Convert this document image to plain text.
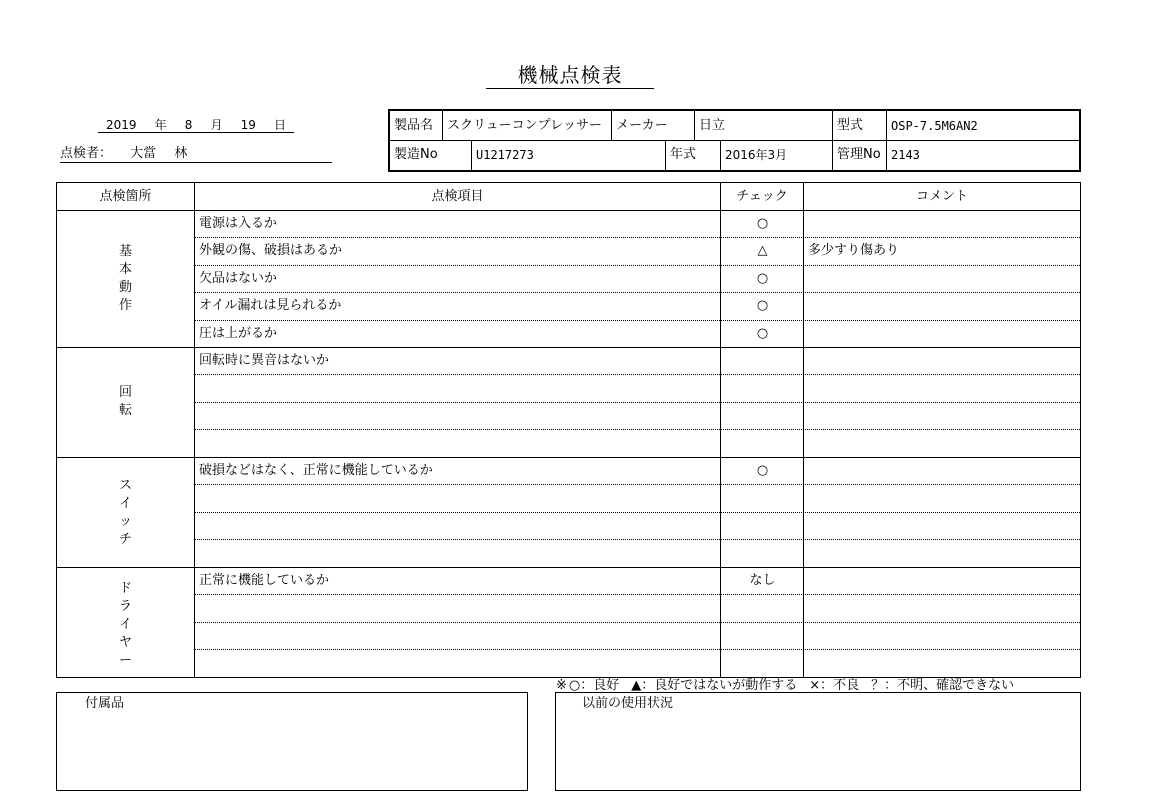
機械点検表
2019 年 8 月 19 日
点検者： 大當 林
製品名	スクリューコンプレッサー	メーカー	日立	型式	OSP-7.5M6AN2
製造No	U1217273	年式	2016年3月	管理No 2143
点検箇所	点検項目	チェック	コメント
基
本
動
作
電源は入るか	○
外観の傷、破損はあるか	△	多少すり傷あり
欠品はないか	○
オイル漏れは見られるか	○
圧は上がるか	○
回
転
回転時に異音はないか
ス
イ
ッ
チ
破損などはなく、正常に機能しているか	○
ド
ラ
イ
ヤ
ー
正常に機能しているか	なし
※ ○：良好 ▲：良好ではないが動作する ×：不良 ？：不明、確認できない
付属品	以前の使用状況
